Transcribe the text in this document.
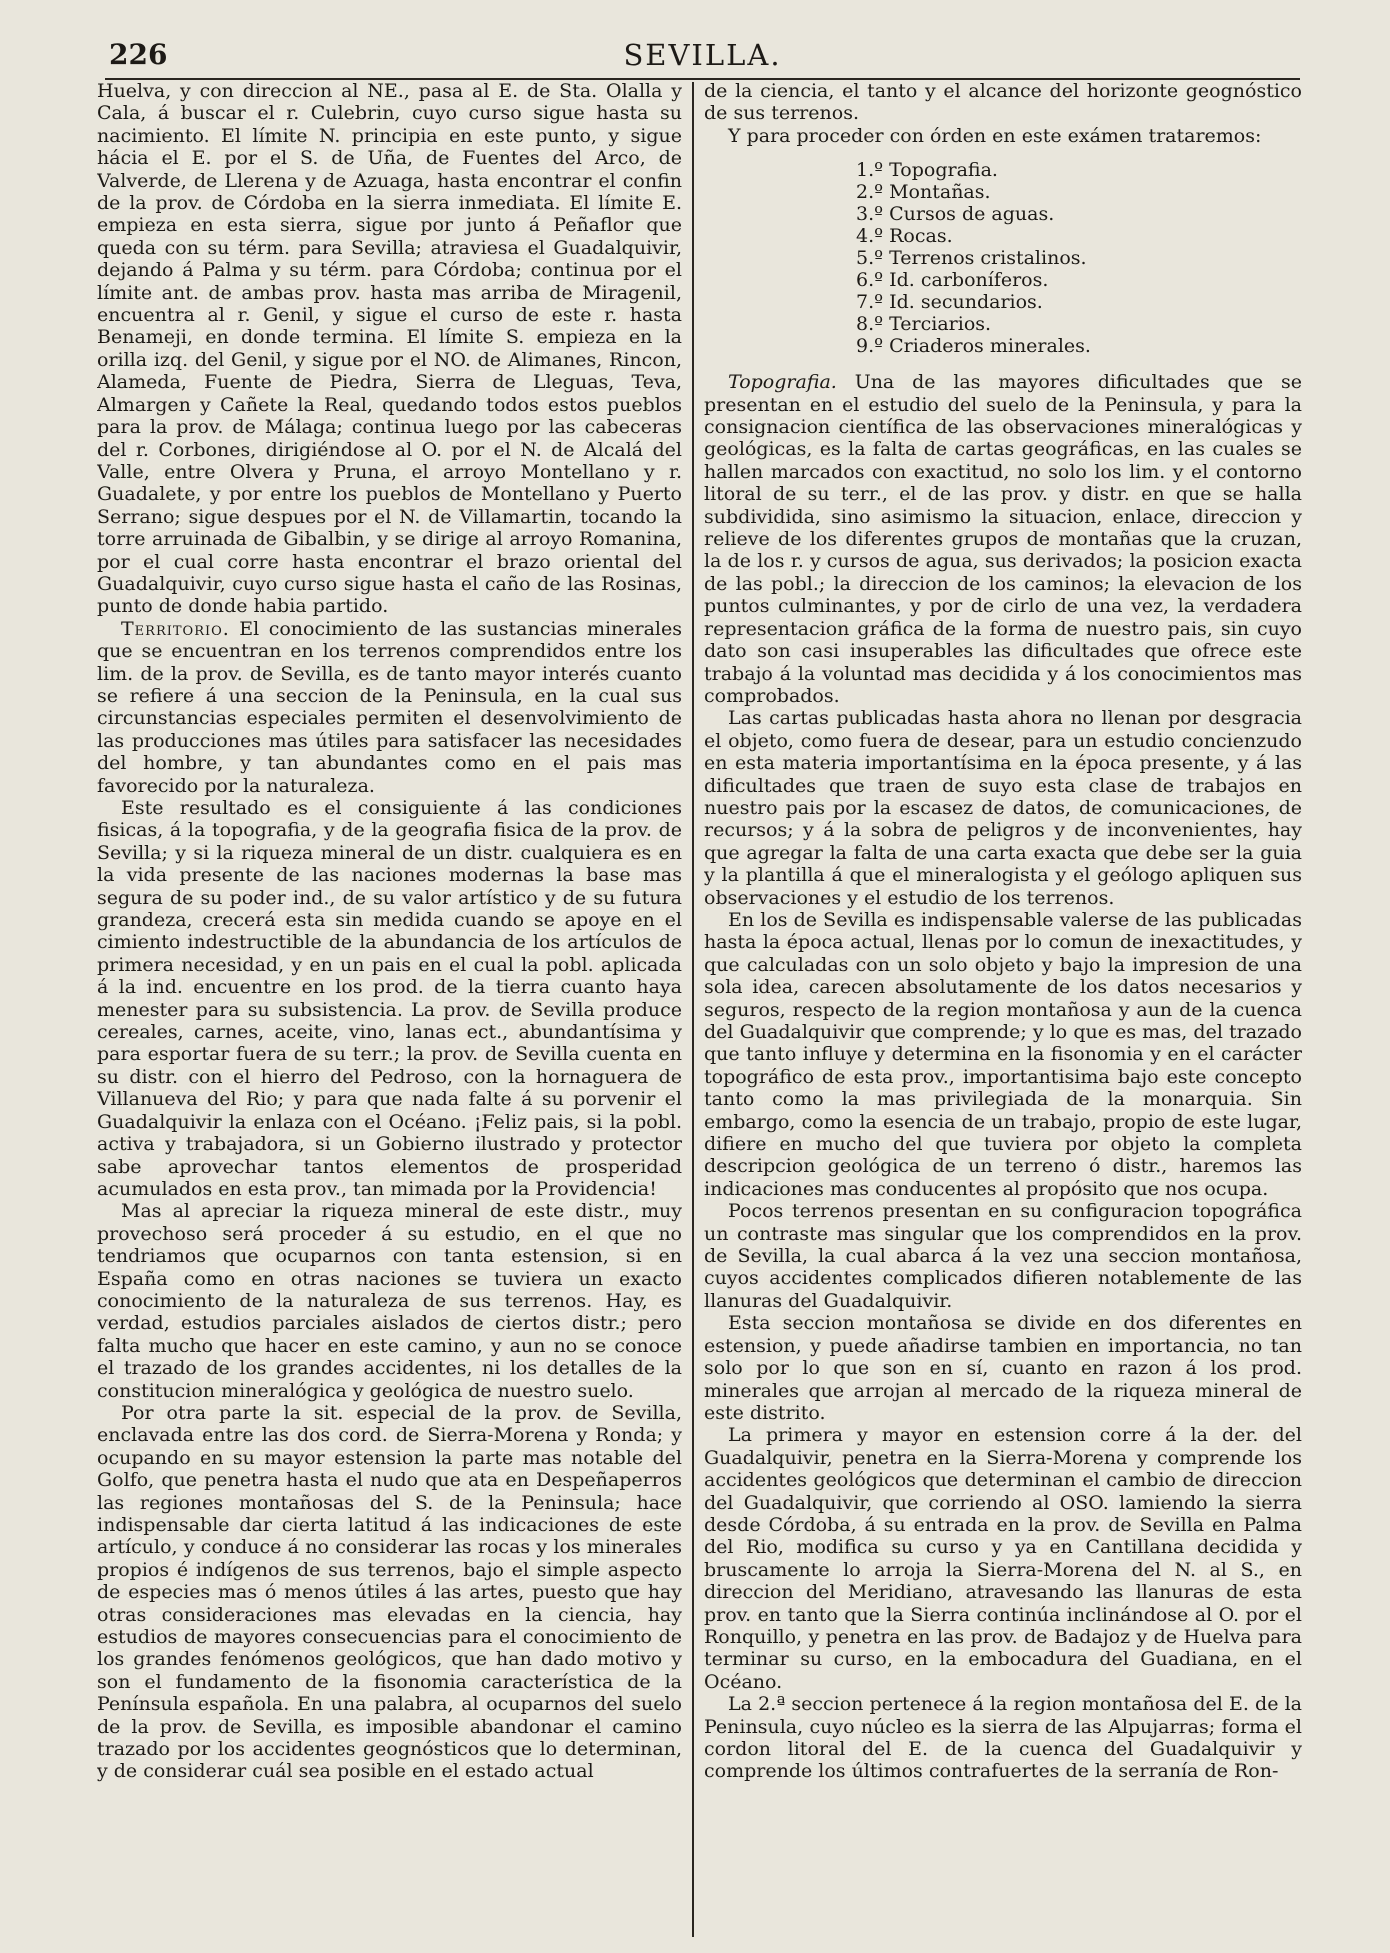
226	SEVILLA.

Huelva, y con direccion al NE., pasa al E. de Sta. Olalla y Cala, á buscar el r. Culebrin, cuyo curso sigue hasta su nacimiento. El límite N. principia en este punto, y sigue hácia el E. por el S. de Uña, de Fuentes del Arco, de Valverde, de Llerena y de Azuaga, hasta encontrar el confin de la prov. de Córdoba en la sierra inmediata. El límite E. empieza en esta sierra, sigue por junto á Peñaflor que queda con su térm. para Sevilla; atraviesa el Guadalquivir, dejando á Palma y su térm. para Córdoba; continua por el límite ant. de ambas prov. hasta mas arriba de Miragenil, encuentra al r. Genil, y sigue el curso de este r. hasta Benameji, en donde termina. El límite S. empieza en la orilla izq. del Genil, y sigue por el NO. de Alimanes, Rincon, Alameda, Fuente de Piedra, Sierra de Lleguas, Teva, Almargen y Cañete la Real, quedando todos estos pueblos para la prov. de Málaga; continua luego por las cabeceras del r. Corbones, dirigiéndose al O. por el N. de Alcalá del Valle, entre Olvera y Pruna, el arroyo Montellano y r. Guadalete, y por entre los pueblos de Montellano y Puerto Serrano; sigue despues por el N. de Villamartin, tocando la torre arruinada de Gibalbin, y se dirige al arroyo Romanina, por el cual corre hasta encontrar el brazo oriental del Guadalquivir, cuyo curso sigue hasta el caño de las Rosinas, punto de donde habia partido.

Territorio. El conocimiento de las sustancias minerales que se encuentran en los terrenos comprendidos entre los lim. de la prov. de Sevilla, es de tanto mayor interés cuanto se refiere á una seccion de la Peninsula, en la cual sus circunstancias especiales permiten el desenvolvimiento de las producciones mas útiles para satisfacer las necesidades del hombre, y tan abundantes como en el pais mas favorecido por la naturaleza.

Este resultado es el consiguiente á las condiciones fisicas, á la topografia, y de la geografia fisica de la prov. de Sevilla; y si la riqueza mineral de un distr. cualquiera es en la vida presente de las naciones modernas la base mas segura de su poder ind., de su valor artístico y de su futura grandeza, crecerá esta sin medida cuando se apoye en el cimiento indestructible de la abundancia de los artículos de primera necesidad, y en un pais en el cual la pobl. aplicada á la ind. encuentre en los prod. de la tierra cuanto haya menester para su subsistencia. La prov. de Sevilla produce cereales, carnes, aceite, vino, lanas ect., abundantísima y para esportar fuera de su terr.; la prov. de Sevilla cuenta en su distr. con el hierro del Pedroso, con la hornaguera de Villanueva del Rio; y para que nada falte á su porvenir el Guadalquivir la enlaza con el Océano. ¡Feliz pais, si la pobl. activa y trabajadora, si un Gobierno ilustrado y protector sabe aprovechar tantos elementos de prosperidad acumulados en esta prov., tan mimada por la Providencia!

Mas al apreciar la riqueza mineral de este distr., muy provechoso será proceder á su estudio, en el que no tendriamos que ocuparnos con tanta estension, si en España como en otras naciones se tuviera un exacto conocimiento de la naturaleza de sus terrenos. Hay, es verdad, estudios parciales aislados de ciertos distr.; pero falta mucho que hacer en este camino, y aun no se conoce el trazado de los grandes accidentes, ni los detalles de la constitucion mineralógica y geológica de nuestro suelo.

Por otra parte la sit. especial de la prov. de Sevilla, enclavada entre las dos cord. de Sierra-Morena y Ronda; y ocupando en su mayor estension la parte mas notable del Golfo, que penetra hasta el nudo que ata en Despeñaperros las regiones montañosas del S. de la Peninsula; hace indispensable dar cierta latitud á las indicaciones de este artículo, y conduce á no considerar las rocas y los minerales propios é indígenos de sus terrenos, bajo el simple aspecto de especies mas ó menos útiles á las artes, puesto que hay otras consideraciones mas elevadas en la ciencia, hay estudios de mayores consecuencias para el conocimiento de los grandes fenómenos geológicos, que han dado motivo y son el fundamento de la fisonomia característica de la Península española. En una palabra, al ocuparnos del suelo de la prov. de Sevilla, es imposible abandonar el camino trazado por los accidentes geognósticos que lo determinan, y de considerar cuál sea posible en el estado actual

de la ciencia, el tanto y el alcance del horizonte geognóstico de sus terrenos.

Y para proceder con órden en este exámen trataremos:

1.º Topografia.
2.º Montañas.
3.º Cursos de aguas.
4.º Rocas.
5.º Terrenos cristalinos.
6.º Id. carboníferos.
7.º Id. secundarios.
8.º Terciarios.
9.º Criaderos minerales.

Topografia. Una de las mayores dificultades que se presentan en el estudio del suelo de la Peninsula, y para la consignacion científica de las observaciones mineralógicas y geológicas, es la falta de cartas geográficas, en las cuales se hallen marcados con exactitud, no solo los lim. y el contorno litoral de su terr., el de las prov. y distr. en que se halla subdividida, sino asimismo la situacion, enlace, direccion y relieve de los diferentes grupos de montañas que la cruzan, la de los r. y cursos de agua, sus derivados; la posicion exacta de las pobl.; la direccion de los caminos; la elevacion de los puntos culminantes, y por de cirlo de una vez, la verdadera representacion gráfica de la forma de nuestro pais, sin cuyo dato son casi insuperables las dificultades que ofrece este trabajo á la voluntad mas decidida y á los conocimientos mas comprobados.

Las cartas publicadas hasta ahora no llenan por desgracia el objeto, como fuera de desear, para un estudio concienzudo en esta materia importantísima en la época presente, y á las dificultades que traen de suyo esta clase de trabajos en nuestro pais por la escasez de datos, de comunicaciones, de recursos; y á la sobra de peligros y de inconvenientes, hay que agregar la falta de una carta exacta que debe ser la guia y la plantilla á que el mineralogista y el geólogo apliquen sus observaciones y el estudio de los terrenos.

En los de Sevilla es indispensable valerse de las publicadas hasta la época actual, llenas por lo comun de inexactitudes, y que calculadas con un solo objeto y bajo la impresion de una sola idea, carecen absolutamente de los datos necesarios y seguros, respecto de la region montañosa y aun de la cuenca del Guadalquivir que comprende; y lo que es mas, del trazado que tanto influye y determina en la fisonomia y en el carácter topográfico de esta prov., importantisima bajo este concepto tanto como la mas privilegiada de la monarquia. Sin embargo, como la esencia de un trabajo, propio de este lugar, difiere en mucho del que tuviera por objeto la completa descripcion geológica de un terreno ó distr., haremos las indicaciones mas conducentes al propósito que nos ocupa.

Pocos terrenos presentan en su configuracion topográfica un contraste mas singular que los comprendidos en la prov. de Sevilla, la cual abarca á la vez una seccion montañosa, cuyos accidentes complicados difieren notablemente de las llanuras del Guadalquivir.

Esta seccion montañosa se divide en dos diferentes en estension, y puede añadirse tambien en importancia, no tan solo por lo que son en sí, cuanto en razon á los prod. minerales que arrojan al mercado de la riqueza mineral de este distrito.

La primera y mayor en estension corre á la der. del Guadalquivir, penetra en la Sierra-Morena y comprende los accidentes geológicos que determinan el cambio de direccion del Guadalquivir, que corriendo al OSO. lamiendo la sierra desde Córdoba, á su entrada en la prov. de Sevilla en Palma del Rio, modifica su curso y ya en Cantillana decidida y bruscamente lo arroja la Sierra-Morena del N. al S., en direccion del Meridiano, atravesando las llanuras de esta prov. en tanto que la Sierra continúa inclinándose al O. por el Ronquillo, y penetra en las prov. de Badajoz y de Huelva para terminar su curso, en la embocadura del Guadiana, en el Océano.

La 2.ª seccion pertenece á la region montañosa del E. de la Peninsula, cuyo núcleo es la sierra de las Alpujarras; forma el cordon litoral del E. de la cuenca del Guadalquivir y comprende los últimos contrafuertes de la serranía de Ron-
